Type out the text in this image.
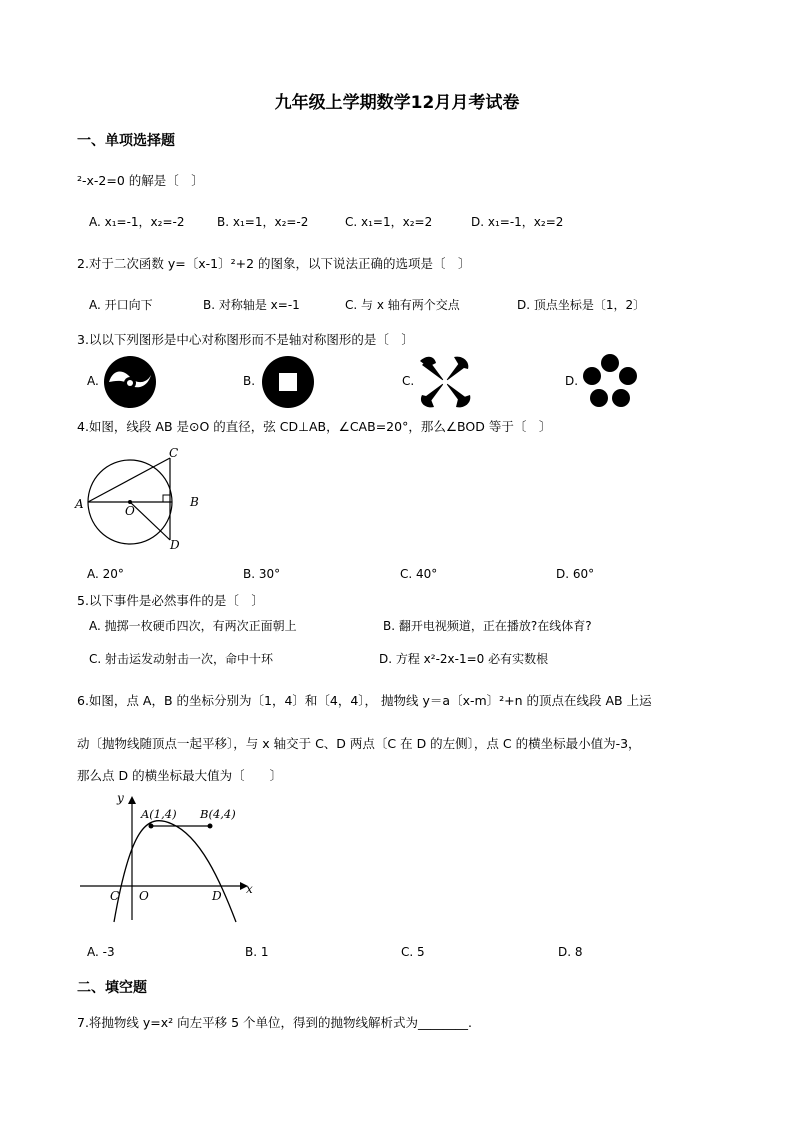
九年级上学期数学12月月考试卷
一、单项选择题
²-x-2=0 的解是〔　〕
A. x₁=-1，x₂=-2	B. x₁=1，x₂=-2	C. x₁=1，x₂=2	D. x₁=-1，x₂=2
2.对于二次函数 y=〔x-1〕²+2 的图象，以下说法正确的选项是〔　〕
A. 开口向下	B. 对称轴是 x=-1	C. 与 x 轴有两个交点	D. 顶点坐标是〔1，2〕
3.以以下列图形是中心对称图形而不是轴对称图形的是〔　〕
A.	B.	C.	D.
4.如图，线段 AB 是⊙O 的直径，弦 CD⊥AB，∠CAB=20°，那么∠BOD 等于〔　〕
A	B
C
D
O
A. 20°	B. 30°	C. 40°	D. 60°
5.以下事件是必然事件的是〔　〕
A. 抛掷一枚硬币四次，有两次正面朝上	B. 翻开电视频道，正在播放?在线体育?
C. 射击运发动射击一次，命中十环	D. 方程 x²-2x-1=0 必有实数根
6.如图，点 A，B 的坐标分别为〔1，4〕和〔4，4〕， 抛物线 y＝a〔x-m〕²+n 的顶点在线段 AB 上运
动〔抛物线随顶点一起平移〕，与 x 轴交于 C、D 两点〔C 在 D 的左侧〕，点 C 的横坐标最小值为-3，
那么点 D 的横坐标最大值为〔　　〕
y
x
A(1,4) B(4,4)
C O	D
A. -3	B. 1	C. 5	D. 8
二、填空题
7.将抛物线 y=x² 向左平移 5 个单位，得到的抛物线解析式为________.
